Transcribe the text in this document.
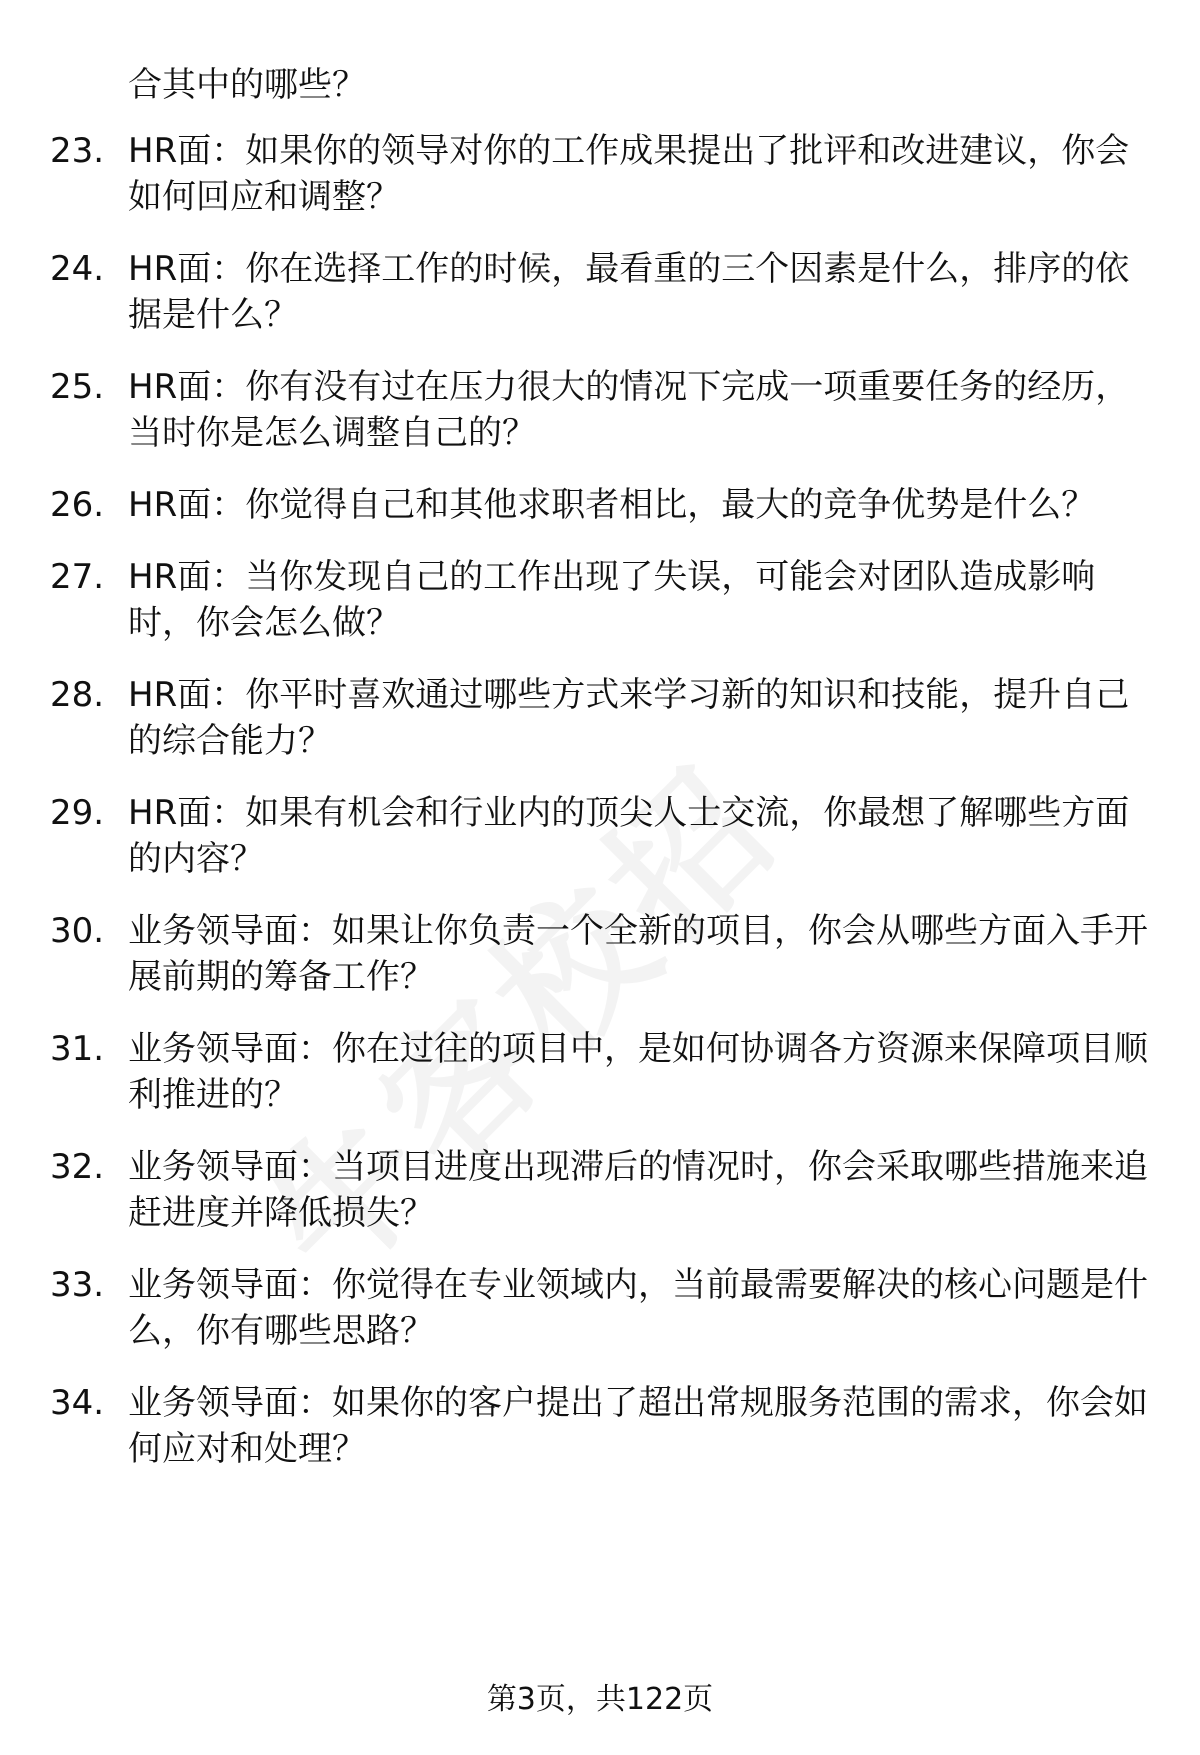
合其中的哪些？
23. HR面：如果你的领导对你的工作成果提出了批评和改进建议，你会如何回应和调整？
24. HR面：你在选择工作的时候，最看重的三个因素是什么，排序的依据是什么？
25. HR面：你有没有过在压力很大的情况下完成一项重要任务的经历，当时你是怎么调整自己的？
26. HR面：你觉得自己和其他求职者相比，最大的竞争优势是什么？
27. HR面：当你发现自己的工作出现了失误，可能会对团队造成影响时，你会怎么做？
28. HR面：你平时喜欢通过哪些方式来学习新的知识和技能，提升自己的综合能力？
29. HR面：如果有机会和行业内的顶尖人士交流，你最想了解哪些方面的内容？
30. 业务领导面：如果让你负责一个全新的项目，你会从哪些方面入手开展前期的筹备工作？
31. 业务领导面：你在过往的项目中，是如何协调各方资源来保障项目顺利推进的？
32. 业务领导面：当项目进度出现滞后的情况时，你会采取哪些措施来追赶进度并降低损失？
33. 业务领导面：你觉得在专业领域内，当前最需要解决的核心问题是什么，你有哪些思路？
34. 业务领导面：如果你的客户提出了超出常规服务范围的需求，你会如何应对和处理？
第3页，共122页
